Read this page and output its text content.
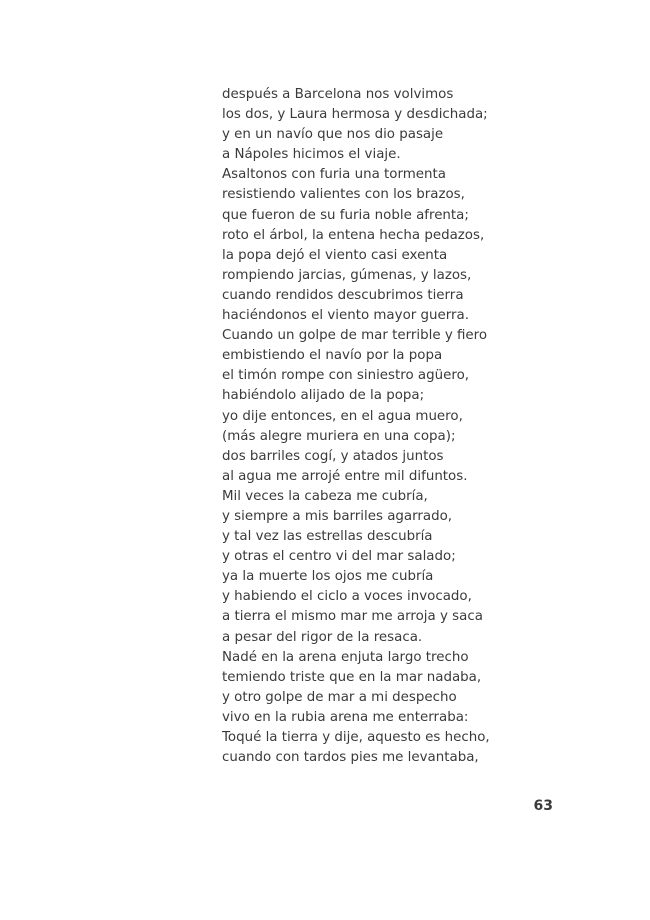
después a Barcelona nos volvimos
los dos, y Laura hermosa y desdichada;
y en un navío que nos dio pasaje
a Nápoles hicimos el viaje.
Asaltonos con furia una tormenta
resistiendo valientes con los brazos,
que fueron de su furia noble afrenta;
roto el árbol, la entena hecha pedazos,
la popa dejó el viento casi exenta
rompiendo jarcias, gúmenas, y lazos,
cuando rendidos descubrimos tierra
haciéndonos el viento mayor guerra.
Cuando un golpe de mar terrible y fiero
embistiendo el navío por la popa
el timón rompe con siniestro agüero,
habiéndolo alijado de la popa;
yo dije entonces, en el agua muero,
(más alegre muriera en una copa);
dos barriles cogí, y atados juntos
al agua me arrojé entre mil difuntos.
Mil veces la cabeza me cubría,
y siempre a mis barriles agarrado,
y tal vez las estrellas descubría
y otras el centro vi del mar salado;
ya la muerte los ojos me cubría
y habiendo el ciclo a voces invocado,
a tierra el mismo mar me arroja y saca
a pesar del rigor de la resaca.
Nadé en la arena enjuta largo trecho
temiendo triste que en la mar nadaba,
y otro golpe de mar a mi despecho
vivo en la rubia arena me enterraba:
Toqué la tierra y dije, aquesto es hecho,
cuando con tardos pies me levantaba,
63
